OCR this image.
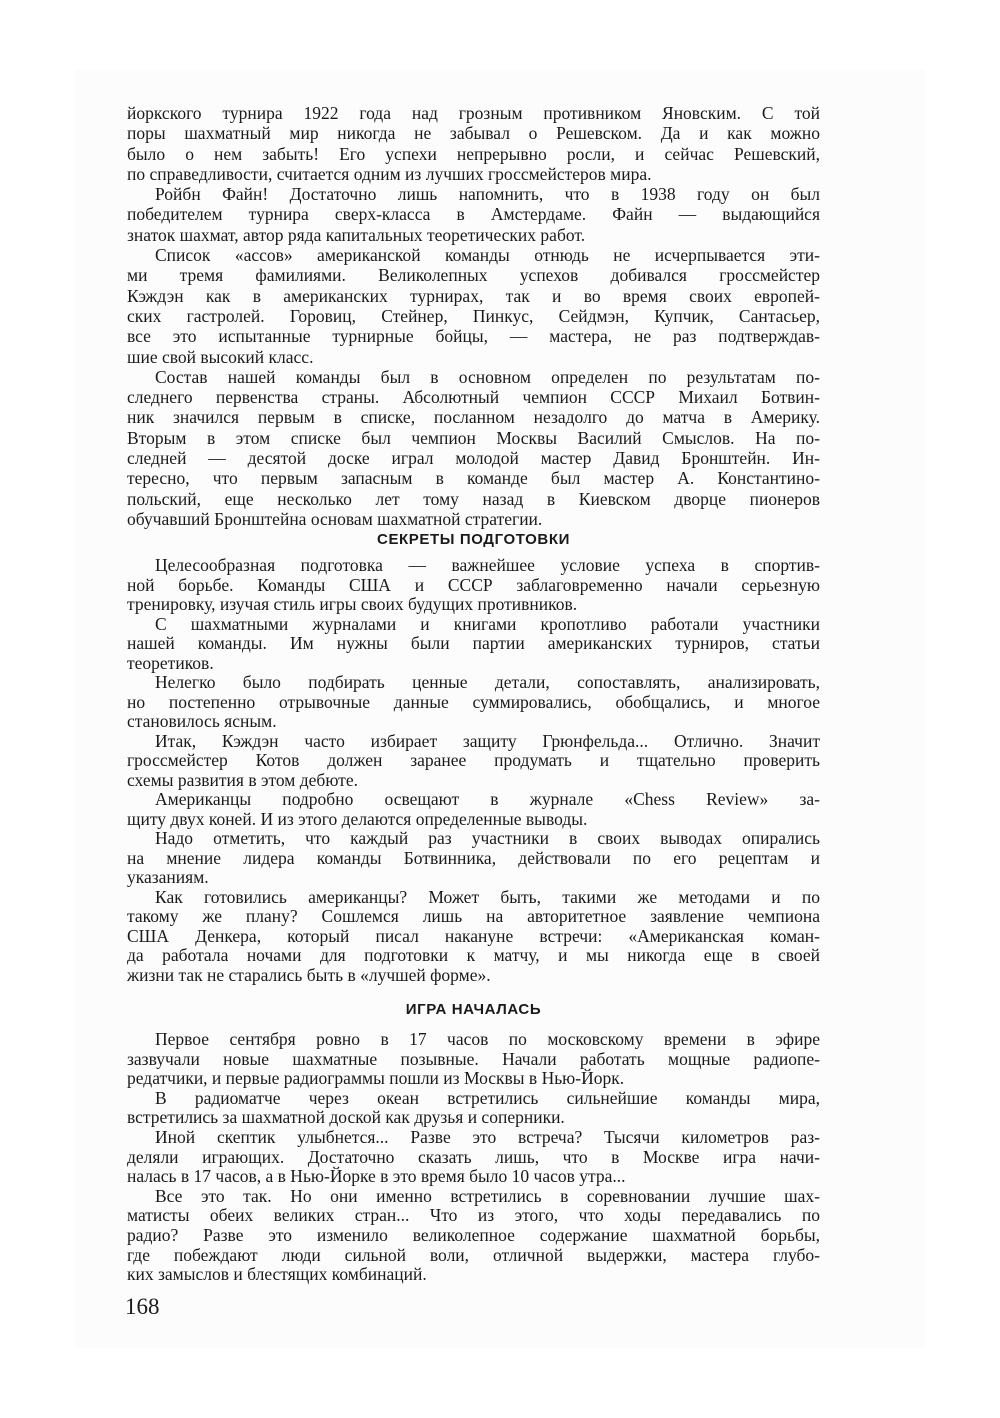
йоркского турнира 1922 года над грозным противником Яновским. С той
поры шахматный мир никогда не забывал о Решевском. Да и как можно
было о нем забыть! Его успехи непрерывно росли, и сейчас Решевский,
по справедливости, считается одним из лучших гроссмейстеров мира.
Ройбн Файн! Достаточно лишь напомнить, что в 1938 году он был
победителем турнира сверх-класса в Амстердаме. Файн — выдающийся
знаток шахмат, автор ряда капитальных теоретических работ.
Список «ассов» американской команды отнюдь не исчерпывается эти-
ми тремя фамилиями. Великолепных успехов добивался гроссмейстер
Кэждэн как в американских турнирах, так и во время своих европей-
ских гастролей. Горовиц, Стейнер, Пинкус, Сейдмэн, Купчик, Сантасьер,
все это испытанные турнирные бойцы, — мастера, не раз подтверждав-
шие свой высокий класс.
Состав нашей команды был в основном определен по результатам по-
следнего первенства страны. Абсолютный чемпион СССР Михаил Ботвин-
ник значился первым в списке, посланном незадолго до матча в Америку.
Вторым в этом списке был чемпион Москвы Василий Смыслов. На по-
следней — десятой доске играл молодой мастер Давид Бронштейн. Ин-
тересно, что первым запасным в команде был мастер А. Константино-
польский, еще несколько лет тому назад в Киевском дворце пионеров
обучавший Бронштейна основам шахматной стратегии.
СЕКРЕТЫ ПОДГОТОВКИ
Целесообразная подготовка — важнейшее условие успеха в спортив-
ной борьбе. Команды США и СССР заблаговременно начали серьезную
тренировку, изучая стиль игры своих будущих противников.
С шахматными журналами и книгами кропотливо работали участники
нашей команды. Им нужны были партии американских турниров, статьи
теоретиков.
Нелегко было подбирать ценные детали, сопоставлять, анализировать,
но постепенно отрывочные данные суммировались, обобщались, и многое
становилось ясным.
Итак, Кэждэн часто избирает защиту Грюнфельда... Отлично. Значит
гроссмейстер Котов должен заранее продумать и тщательно проверить
схемы развития в этом дебюте.
Американцы подробно освещают в журнале «Chess Review» за-
щиту двух коней. И из этого делаются определенные выводы.
Надо отметить, что каждый раз участники в своих выводах опирались
на мнение лидера команды Ботвинника, действовали по его рецептам и
указаниям.
Как готовились американцы? Может быть, такими же методами и по
такому же плану? Сошлемся лишь на авторитетное заявление чемпиона
США Денкера, который писал накануне встречи: «Американская коман-
да работала ночами для подготовки к матчу, и мы никогда еще в своей
жизни так не старались быть в «лучшей форме».
ИГРА НАЧАЛАСЬ
Первое сентября ровно в 17 часов по московскому времени в эфире
зазвучали новые шахматные позывные. Начали работать мощные радиопе-
редатчики, и первые радиограммы пошли из Москвы в Нью-Йорк.
В радиоматче через океан встретились сильнейшие команды мира,
встретились за шахматной доской как друзья и соперники.
Иной скептик улыбнется... Разве это встреча? Тысячи километров раз-
деляли играющих. Достаточно сказать лишь, что в Москве игра начи-
налась в 17 часов, а в Нью-Йорке в это время было 10 часов утра...
Все это так. Но они именно встретились в соревновании лучшие шах-
матисты обеих великих стран... Что из этого, что ходы передавались по
радио? Разве это изменило великолепное содержание шахматной борьбы,
где побеждают люди сильной воли, отличной выдержки, мастера глубо-
ких замыслов и блестящих комбинаций.
168
